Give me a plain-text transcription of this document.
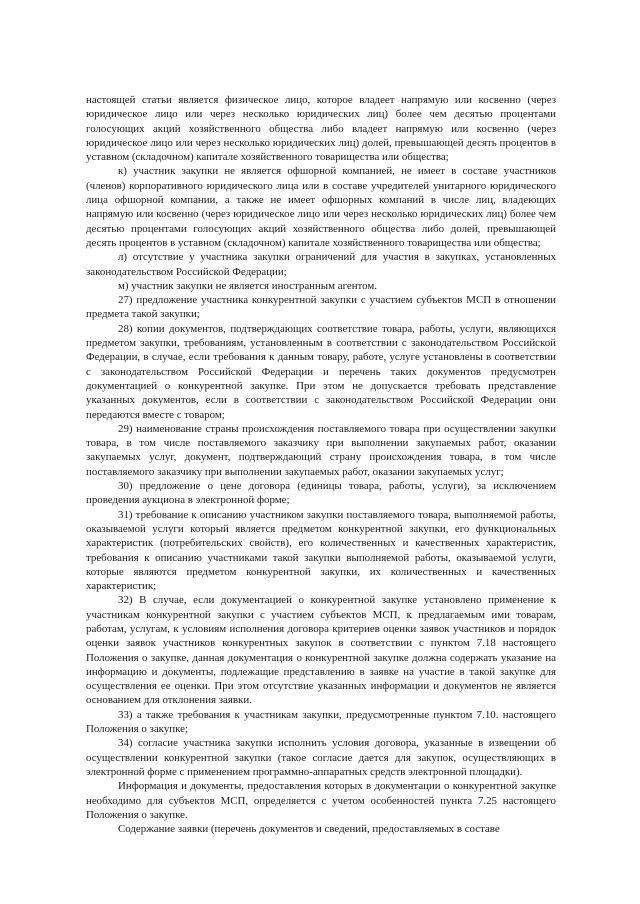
настоящей статьи является физическое лицо, которое владеет напрямую или косвенно (через юридическое лицо или через несколько юридических лиц) более чем десятью процентами голосующих акций хозяйственного общества либо владеет напрямую или косвенно (через юридическое лицо или через несколько юридических лиц) долей, превышающей десять процентов в уставном (складочном) капитале хозяйственного товарищества или общества;

к) участник закупки не является офшорной компанией, не имеет в составе участников (членов) корпоративного юридического лица или в составе учредителей унитарного юридического лица офшорной компании, а также не имеет офшорных компаний в числе лиц, владеющих напрямую или косвенно (через юридическое лицо или через несколько юридических лиц) более чем десятью процентами голосующих акций хозяйственного общества либо долей, превышающей десять процентов в уставном (складочном) капитале хозяйственного товарищества или общества;

л) отсутствие у участника закупки ограничений для участия в закупках, установленных законодательством Российской Федерации;

м) участник закупки не является иностранным агентом.

27) предложение участника конкурентной закупки с участием субъектов МСП в отношении предмета такой закупки;

28) копии документов, подтверждающих соответствие товара, работы, услуги, являющихся предметом закупки, требованиям, установленным в соответствии с законодательством Российской Федерации, в случае, если требования к данным товару, работе, услуге установлены в соответствии с законодательством Российской Федерации и перечень таких документов предусмотрен документацией о конкурентной закупке. При этом не допускается требовать представление указанных документов, если в соответствии с законодательством Российской Федерации они передаются вместе с товаром;

29) наименование страны происхождения поставляемого товара при осуществлении закупки товара, в том числе поставляемого заказчику при выполнении закупаемых работ, оказании закупаемых услуг, документ, подтверждающий страну происхождения товара, в том числе поставляемого заказчику при выполнении закупаемых работ, оказании закупаемых услуг;

30) предложение о цене договора (единицы товара, работы, услуги), за исключением проведения аукциона в электронной форме;

31) требование к описанию участником закупки поставляемого товара, выполняемой работы, оказываемой услуги который является предметом конкурентной закупки, его функциональных характеристик (потребительских свойств), его количественных и качественных характеристик, требования к описанию участниками такой закупки выполняемой работы, оказываемой услуги, которые являются предметом конкурентной закупки, их количественных и качественных характеристик;

32) В случае, если документацией о конкурентной закупке установлено применение к участникам конкурентной закупки с участием субъектов МСП, к предлагаемым ими товарам, работам, услугам, к условиям исполнения договора критериев оценки заявок участников и порядок оценки заявок участников конкурентных закупок в соответствии с пунктом 7.18 настоящего Положения о закупке, данная документация о конкурентной закупке должна содержать указание на информацию и документы, подлежащие представлению в заявке на участие в такой закупке для осуществления ее оценки. При этом отсутствие указанных информации и документов не является основанием для отклонения заявки.

33) а также требования к участникам закупки, предусмотренные пунктом 7.10. настоящего Положения о закупке;

34) согласие участника закупки исполнить условия договора, указанные в извещении об осуществлении конкурентной закупки (такое согласие дается для закупок, осуществляющих в электронной форме с применением программно-аппаратных средств электронной площадки).

Информация и документы, предоставления которых в документации о конкурентной закупке необходимо для субъектов МСП, определяется с учетом особенностей пункта 7.25 настоящего Положения о закупке.

Содержание заявки (перечень документов и сведений, предоставляемых в составе
